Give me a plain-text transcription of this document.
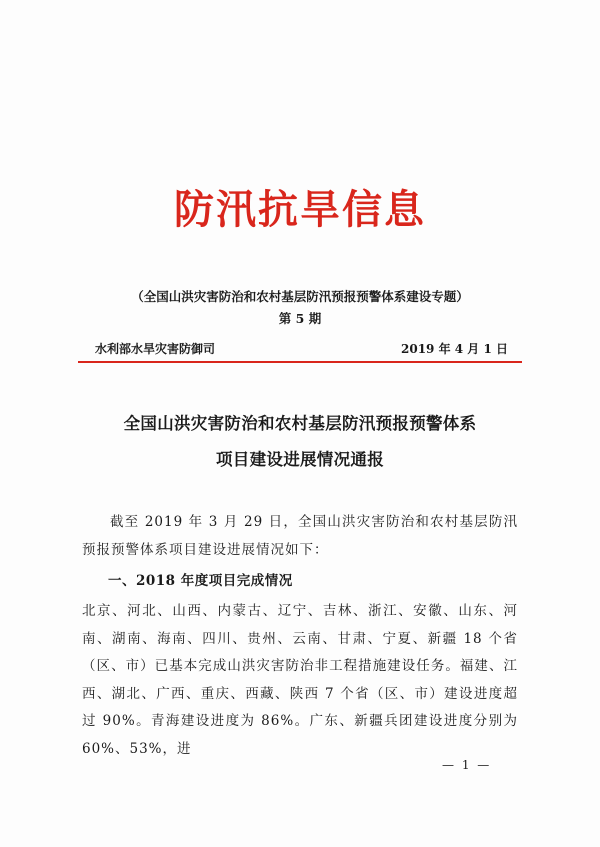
防汛抗旱信息
（全国山洪灾害防治和农村基层防汛预报预警体系建设专题）
第 5 期
水利部水旱灾害防御司	2019 年 4 月 1 日
全国山洪灾害防治和农村基层防汛预报预警体系
项目建设进展情况通报
截至 2019 年 3 月 29 日，全国山洪灾害防治和农村基层防汛预报预警体系项目建设进展情况如下：
一、2018 年度项目完成情况
北京、河北、山西、内蒙古、辽宁、吉林、浙江、安徽、山东、河南、湖南、海南、四川、贵州、云南、甘肃、宁夏、新疆 18 个省（区、市）已基本完成山洪灾害防治非工程措施建设任务。福建、江西、湖北、广西、重庆、西藏、陕西 7 个省（区、市）建设进度超过 90%。青海建设进度为 86%。广东、新疆兵团建设进度分别为 60%、53%，进
— 1 —
